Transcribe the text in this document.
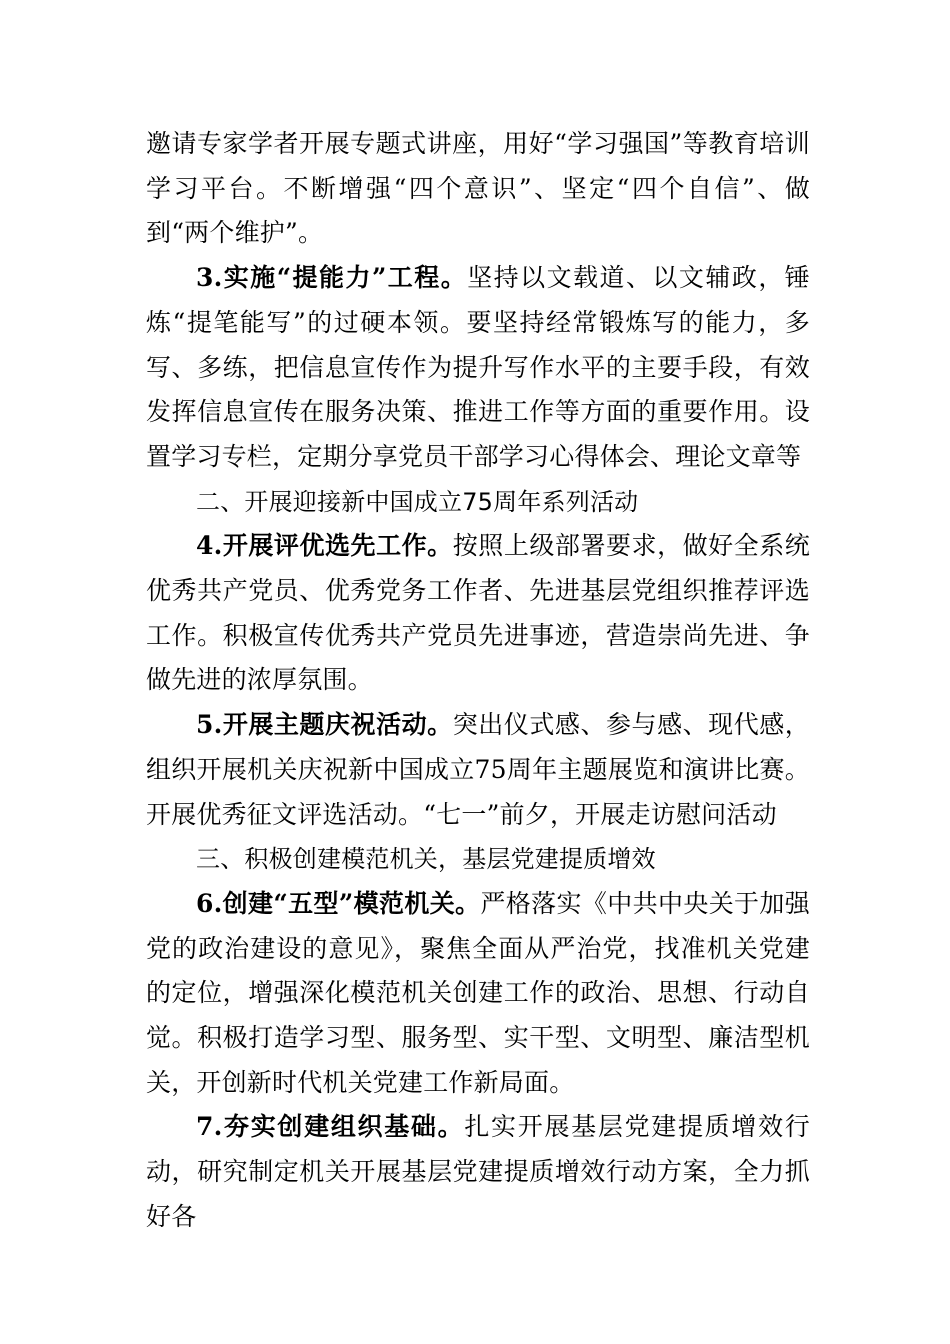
邀请专家学者开展专题式讲座，用好“学习强国”等教育培训学习平台。不断增强“四个意识”、坚定“四个自信”、做到“两个维护”。

3.实施“提能力”工程。坚持以文载道、以文辅政，锤炼“提笔能写”的过硬本领。要坚持经常锻炼写的能力，多写、多练，把信息宣传作为提升写作水平的主要手段，有效发挥信息宣传在服务决策、推进工作等方面的重要作用。设置学习专栏，定期分享党员干部学习心得体会、理论文章等

二、开展迎接新中国成立75周年系列活动

4.开展评优选先工作。按照上级部署要求，做好全系统优秀共产党员、优秀党务工作者、先进基层党组织推荐评选工作。积极宣传优秀共产党员先进事迹，营造崇尚先进、争做先进的浓厚氛围。

5.开展主题庆祝活动。突出仪式感、参与感、现代感，组织开展机关庆祝新中国成立75周年主题展览和演讲比赛。开展优秀征文评选活动。“七一”前夕，开展走访慰问活动

三、积极创建模范机关，基层党建提质增效

6.创建“五型”模范机关。严格落实《中共中央关于加强党的政治建设的意见》，聚焦全面从严治党，找准机关党建的定位，增强深化模范机关创建工作的政治、思想、行动自觉。积极打造学习型、服务型、实干型、文明型、廉洁型机关，开创新时代机关党建工作新局面。

7.夯实创建组织基础。扎实开展基层党建提质增效行动，研究制定机关开展基层党建提质增效行动方案，全力抓好各
